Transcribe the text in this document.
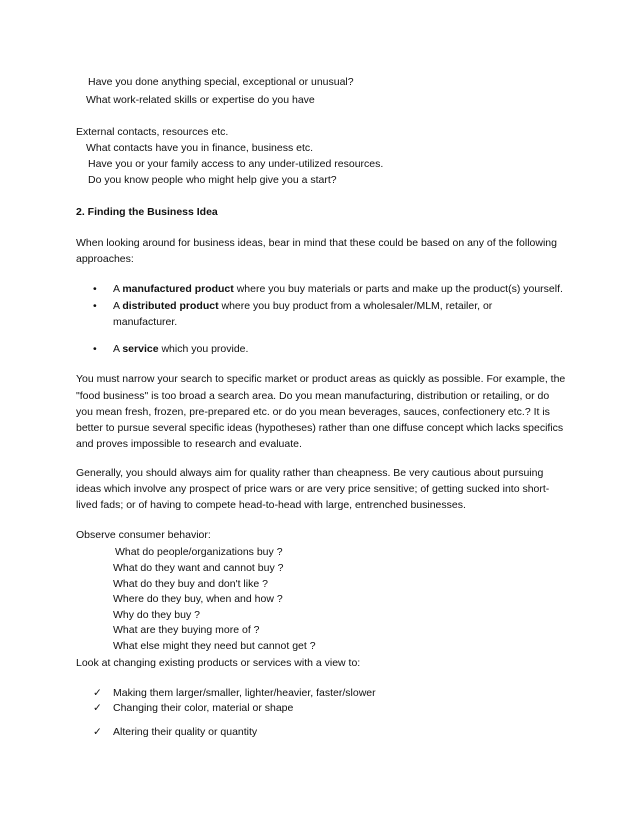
Have you done anything special, exceptional or unusual?
What work-related skills or expertise do you have
External contacts, resources etc.
What contacts have you in finance, business etc.
Have you or your family access to any under-utilized resources.
Do you know people who might help give you a start?
2. Finding the Business Idea
When looking around for business ideas, bear in mind that these could be based on any of the following
approaches:
• A manufactured product where you buy materials or parts and make up the product(s) yourself.
• A distributed product where you buy product from a wholesaler/MLM, retailer, or
manufacturer.
• A service which you provide.
You must narrow your search to specific market or product areas as quickly as possible. For example, the
"food business" is too broad a search area. Do you mean manufacturing, distribution or retailing, or do
you mean fresh, frozen, pre-prepared etc. or do you mean beverages, sauces, confectionery etc.? It is
better to pursue several specific ideas (hypotheses) rather than one diffuse concept which lacks specifics
and proves impossible to research and evaluate.
Generally, you should always aim for quality rather than cheapness. Be very cautious about pursuing
ideas which involve any prospect of price wars or are very price sensitive; of getting sucked into short-
lived fads; or of having to compete head-to-head with large, entrenched businesses.
Observe consumer behavior:
What do people/organizations buy ?
What do they want and cannot buy ?
What do they buy and don't like ?
Where do they buy, when and how ?
Why do they buy ?
What are they buying more of ?
What else might they need but cannot get ?
Look at changing existing products or services with a view to:
✓ Making them larger/smaller, lighter/heavier, faster/slower
✓ Changing their color, material or shape
✓ Altering their quality or quantity
